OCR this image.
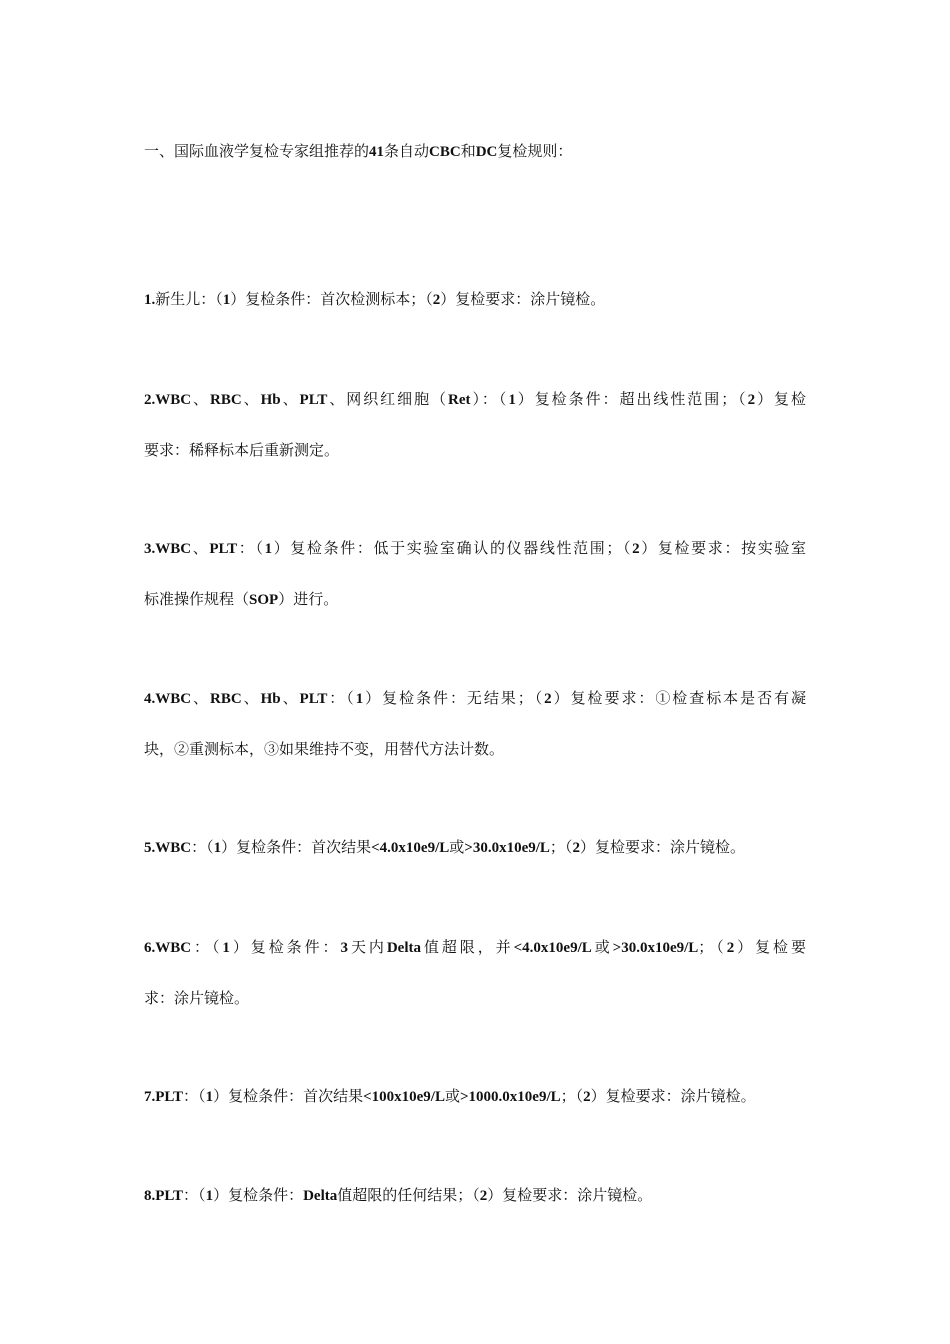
一、国际血液学复检专家组推荐的41条自动CBC和DC复检规则：
1.新生儿：（1）复检条件：首次检测标本；（2）复检要求：涂片镜检。
2.WBC、RBC、Hb、PLT、网织红细胞（Ret）：（1）复检条件：超出线性范围；（2）复检
要求：稀释标本后重新测定。
3.WBC、PLT：（1）复检条件：低于实验室确认的仪器线性范围；（2）复检要求：按实验室
标准操作规程（SOP）进行。
4.WBC、RBC、Hb、PLT：（1）复检条件：无结果；（2）复检要求：①检查标本是否有凝
块，②重测标本，③如果维持不变，用替代方法计数。
5.WBC：（1）复检条件：首次结果<4.0x10e9/L或>30.0x10e9/L；（2）复检要求：涂片镜检。
6.WBC：（1）复检条件：3天内Delta值超限，并<4.0x10e9/L或>30.0x10e9/L；（2）复检要
求：涂片镜检。
7.PLT：（1）复检条件：首次结果<100x10e9/L或>1000.0x10e9/L；（2）复检要求：涂片镜检。
8.PLT：（1）复检条件：Delta值超限的任何结果；（2）复检要求：涂片镜检。
